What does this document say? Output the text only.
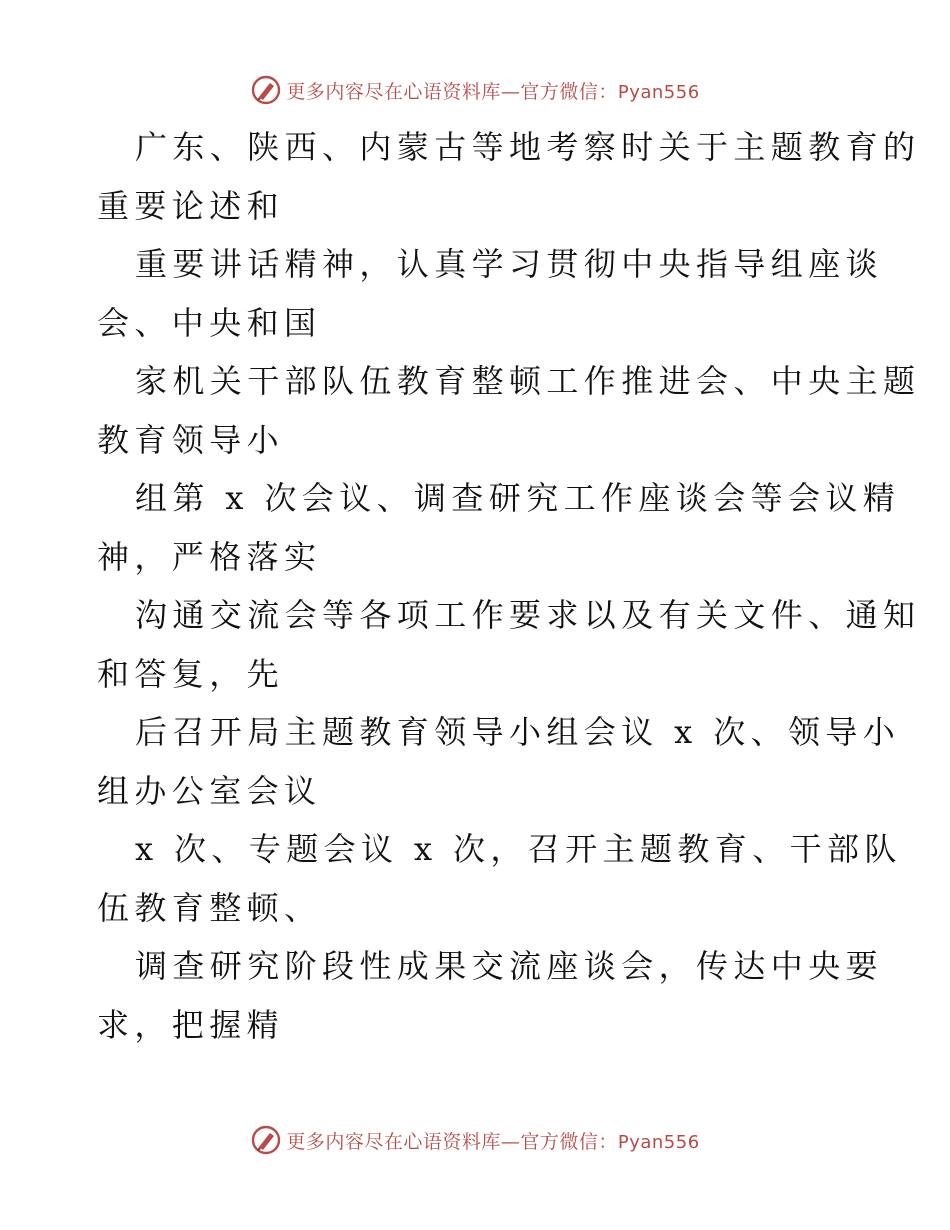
更多内容尽在心语资料库—官方微信：Pyan556

广东、陕西、内蒙古等地考察时关于主题教育的

重要论述和

重要讲话精神，认真学习贯彻中央指导组座谈

会、中央和国

家机关干部队伍教育整顿工作推进会、中央主题

教育领导小

组第 x 次会议、调查研究工作座谈会等会议精

神，严格落实

沟通交流会等各项工作要求以及有关文件、通知

和答复，先

后召开局主题教育领导小组会议 x 次、领导小

组办公室会议

x 次、专题会议 x 次，召开主题教育、干部队

伍教育整顿、

调查研究阶段性成果交流座谈会，传达中央要

求，把握精

更多内容尽在心语资料库—官方微信：Pyan556
